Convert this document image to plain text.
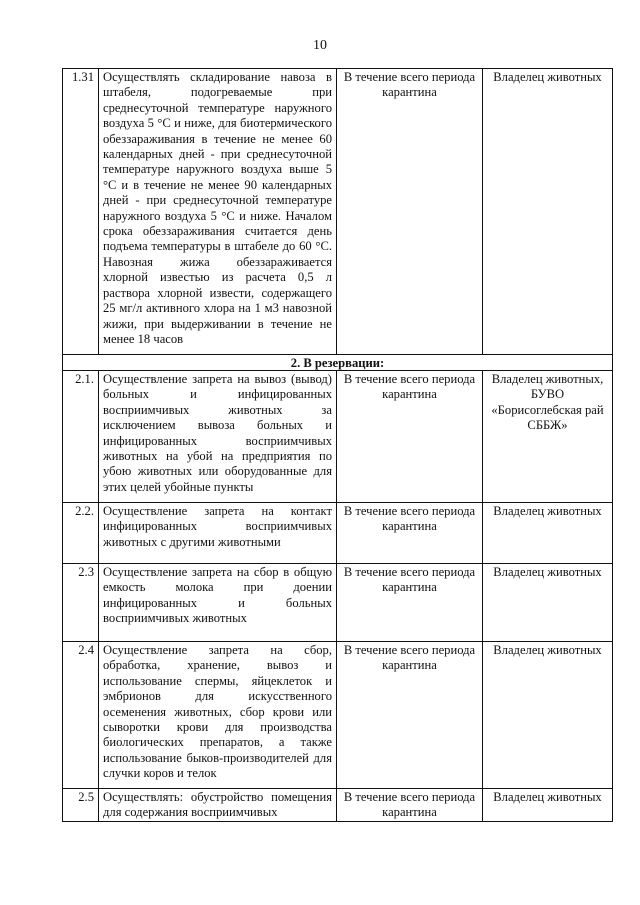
10
1.31	Осуществлять складирование навоза в штабеля, подогреваемые при среднесуточной температуре наружного воздуха 5 °С и ниже, для биотермического обеззараживания в течение не менее 60 календарных дней - при среднесуточной температуре наружного воздуха выше 5 °С и в течение не менее 90 календарных дней - при среднесуточной температуре наружного воздуха 5 °С и ниже. Началом срока обеззараживания считается день подъема температуры в штабеле до 60 °С. Навозная жижа обеззараживается хлорной известью из расчета 0,5 л раствора хлорной извести, содержащего 25 мг/л активного хлора на 1 м3 навозной жижи, при выдерживании в течение не менее 18 часов	В течение всего периода карантина	Владелец животных
2. В резервации:			
2.1.	Осуществление запрета на вывоз (вывод) больных и инфицированных восприимчивых животных за исключением вывоза больных и инфицированных восприимчивых животных на убой на предприятия по убою животных или оборудованные для этих целей убойные пункты	В течение всего периода карантина	Владелец животных, БУВО «Борисоглебская рай СББЖ»
2.2.	Осуществление запрета на контакт инфицированных восприимчивых животных с другими животными	В течение всего периода карантина	Владелец животных
2.3	Осуществление запрета на сбор в общую емкость молока при доении инфицированных и больных восприимчивых животных	В течение всего периода карантина	Владелец животных
2.4	Осуществление запрета на сбор, обработка, хранение, вывоз и использование спермы, яйцеклеток и эмбрионов для искусственного осеменения животных, сбор крови или сыворотки крови для производства биологических препаратов, а также использование быков-производителей для случки коров и телок	В течение всего периода карантина	Владелец животных
2.5	Осуществлять: обустройство помещения для содержания восприимчивых	В течение всего периода карантина	Владелец животных
